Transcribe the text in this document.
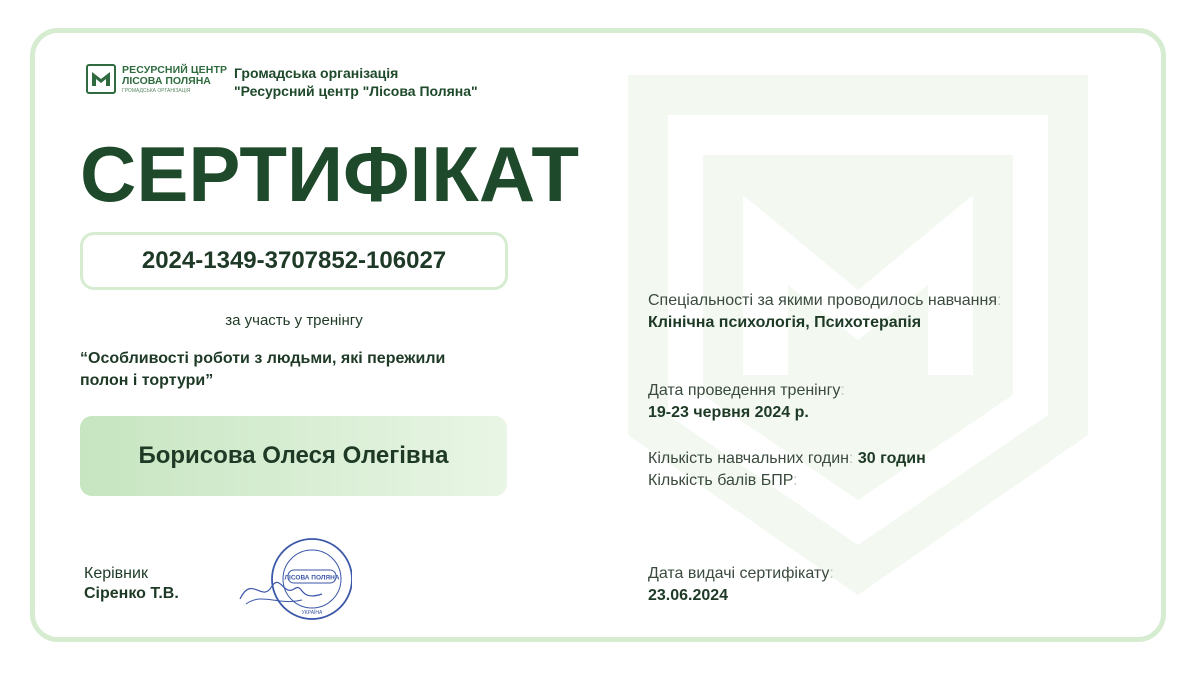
РЕСУРСНИЙ ЦЕНТР
ЛІСОВА ПОЛЯНА
ГРОМАДСЬКА ОРГАНІЗАЦІЯ
Громадська організація
"Ресурсний центр "Лісова Поляна"
СЕРТИФІКАТ
2024-1349-3707852-106027
за участь у тренінгу
“Особливості роботи з людьми, які пережили
полон і тортури”
Борисова Олеся Олегівна
Керівник
Сіренко Т.В.
ЛІСОВА ПОЛЯНА
УКРАЇНА
Спеціальності за якими проводилось навчання:
Клінічна психологія, Психотерапія
Дата проведення тренінгу:
19-23 червня 2024 р.
Кількість навчальних годин: 30 годин
Кількість балів БПР:
Дата видачі сертифікату:
23.06.2024
